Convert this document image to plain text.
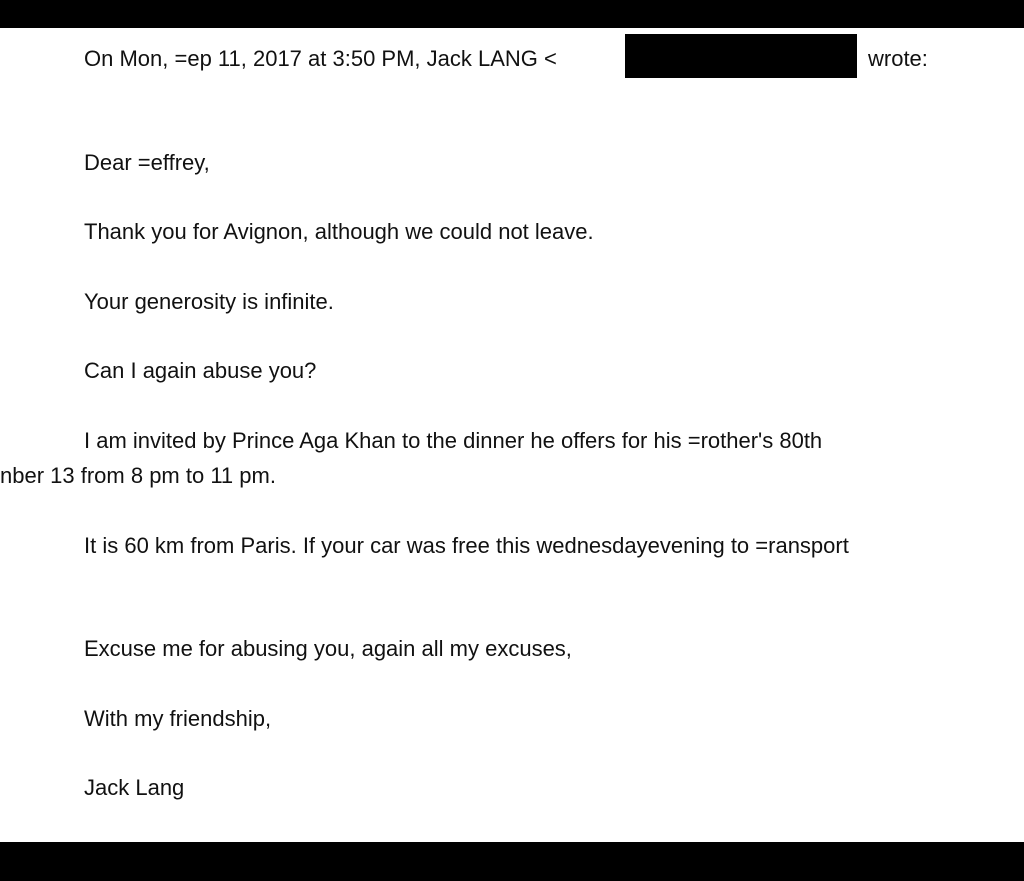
On Mon, =ep 11, 2017 at 3:50 PM, Jack LANG <	wrote:
Dear =effrey,
Thank you for Avignon, although we could not leave.
Your generosity is infinite.
Can I again abuse you?
I am invited by Prince Aga Khan to the dinner he offers for his =rother's 80th
nber 13 from 8 pm to 11 pm.
It is 60 km from Paris. If your car was free this wednesdayevening to =ransport
Excuse me for abusing you, again all my excuses,
With my friendship,
Jack Lang
